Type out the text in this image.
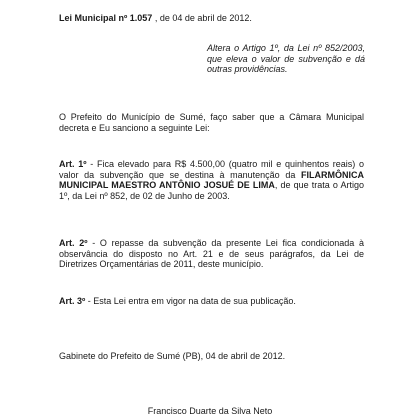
Lei Municipal nº 1.057 , de 04 de abril de 2012.
Altera o Artigo 1º, da Lei nº 852/2003, que eleva o valor de subvenção e dá outras providências.
O Prefeito do Município de Sumé, faço saber que a Câmara Municipal decreta e Eu sanciono a seguinte Lei:
Art. 1º - Fica elevado para R$ 4.500,00 (quatro mil e quinhentos reais) o valor da subvenção que se destina à manutenção da FILARMÔNICA MUNICIPAL MAESTRO ANTÔNIO JOSUÉ DE LIMA, de que trata o Artigo 1º, da Lei nº 852, de 02 de Junho de 2003.
Art. 2º - O repasse da subvenção da presente Lei fica condicionada à observância do disposto no Art. 21 e de seus parágrafos, da Lei de Diretrizes Orçamentárias de 2011, deste município.
Art. 3º - Esta Lei entra em vigor na data de sua publicação.
Gabinete do Prefeito de Sumé (PB), 04 de abril de 2012.
Francisco Duarte da Silva Neto
